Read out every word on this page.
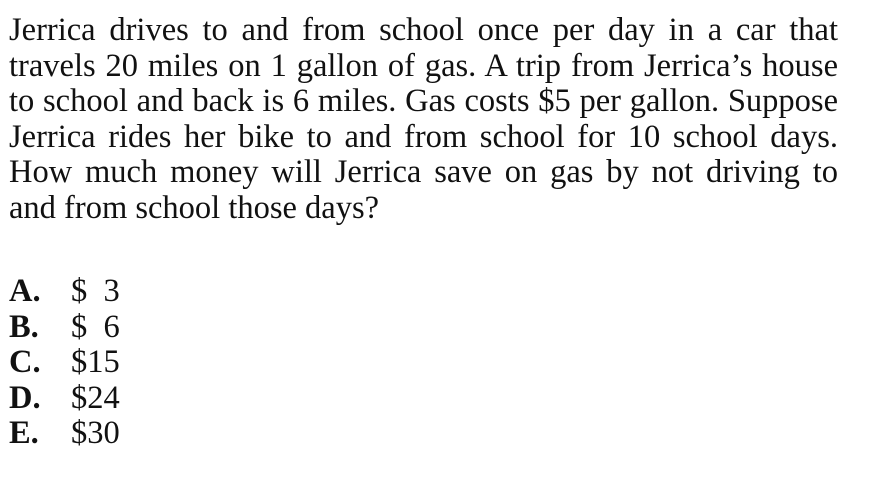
Jerrica drives to and from school once per day in a car that travels 20 miles on 1 gallon of gas. A trip from Jerrica’s house to school and back is 6 miles. Gas costs $5 per gallon. Suppose Jerrica rides her bike to and from school for 10 school days. How much money will Jerrica save on gas by not driving to and from school those days?

A. $  3
B. $  6
C. $15
D. $24
E. $30
